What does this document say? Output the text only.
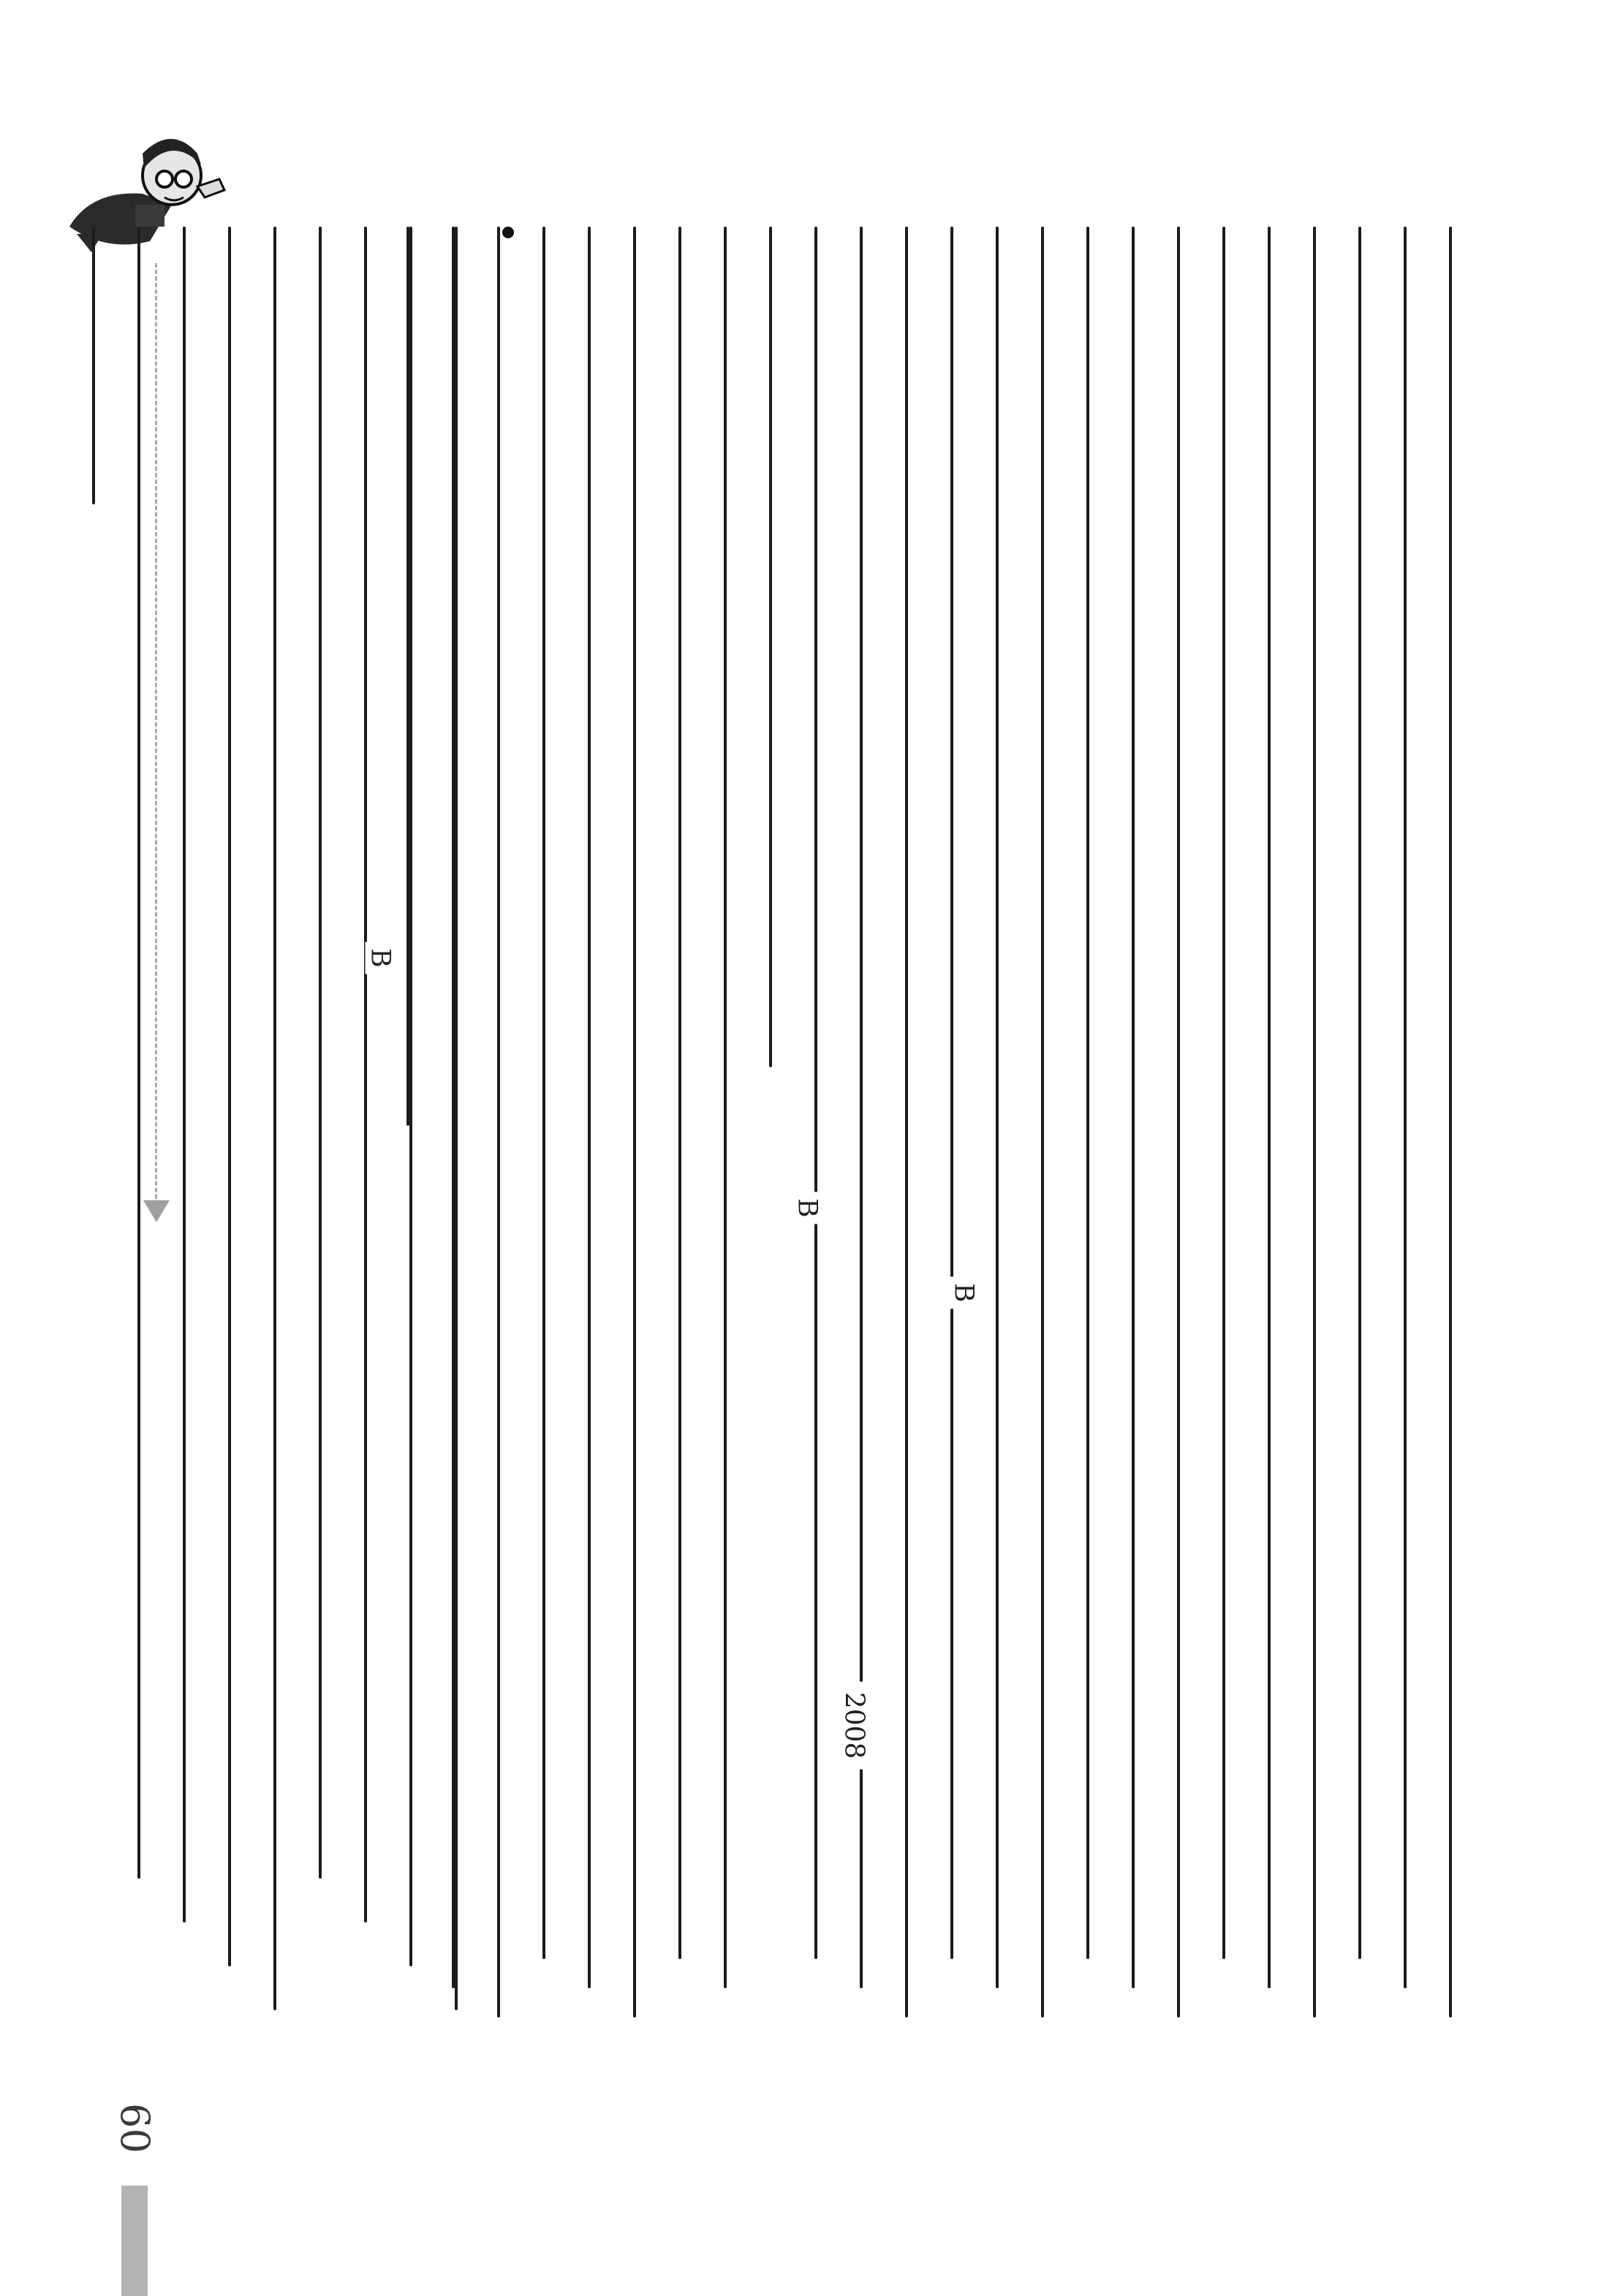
B
B
B
2008
60
